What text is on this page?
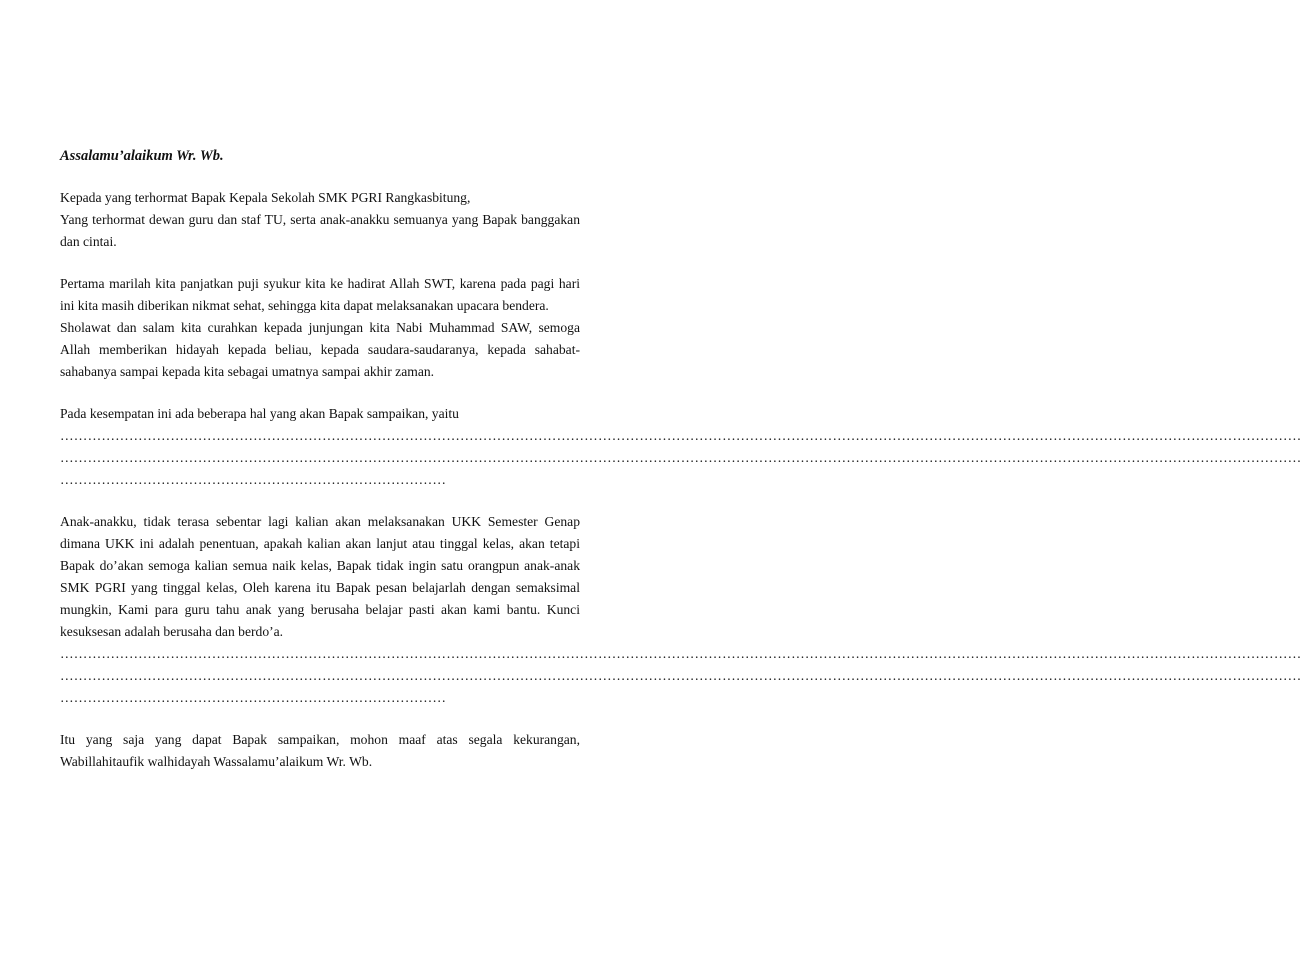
Assalamu’alaikum Wr. Wb.

Kepada yang terhormat Bapak Kepala Sekolah SMK PGRI Rangkasbitung,

Yang terhormat dewan guru dan staf TU, serta anak-anakku semuanya yang Bapak banggakan dan cintai.

Pertama marilah kita panjatkan puji syukur kita ke hadirat Allah SWT, karena pada pagi hari ini kita masih diberikan nikmat sehat, sehingga kita dapat melaksanakan upacara bendera.

Sholawat dan salam kita curahkan kepada junjungan kita Nabi Muhammad SAW, semoga Allah memberikan hidayah kepada beliau, kepada saudara-saudaranya, kepada sahabat-sahabanya sampai kepada kita sebagai umatnya sampai akhir zaman.

Pada kesempatan ini ada beberapa hal yang akan Bapak sampaikan, yaitu

………………………………………………………………………………………………………………………………………………………………………………………………………………………………………………

………………………………………………………………………………………………………………………………………………………………………………………………………………………………………………

…………………………………………………………………………

Anak-anakku, tidak terasa sebentar lagi kalian akan melaksanakan UKK Semester Genap dimana UKK ini adalah penentuan, apakah kalian akan lanjut atau tinggal kelas, akan tetapi Bapak do’akan semoga kalian semua naik kelas, Bapak tidak ingin satu orangpun anak-anak SMK PGRI yang tinggal kelas, Oleh karena itu Bapak pesan belajarlah dengan semaksimal mungkin, Kami para guru tahu anak yang berusaha belajar pasti akan kami bantu. Kunci kesuksesan adalah berusaha dan berdo’a.

………………………………………………………………………………………………………………………………………………………………………………………………………………………………………………

………………………………………………………………………………………………………………………………………………………………………………………………………………………………………………

…………………………………………………………………………

Itu yang saja yang dapat Bapak sampaikan, mohon maaf atas segala kekurangan, Wabillahitaufik walhidayah Wassalamu’alaikum Wr. Wb.
